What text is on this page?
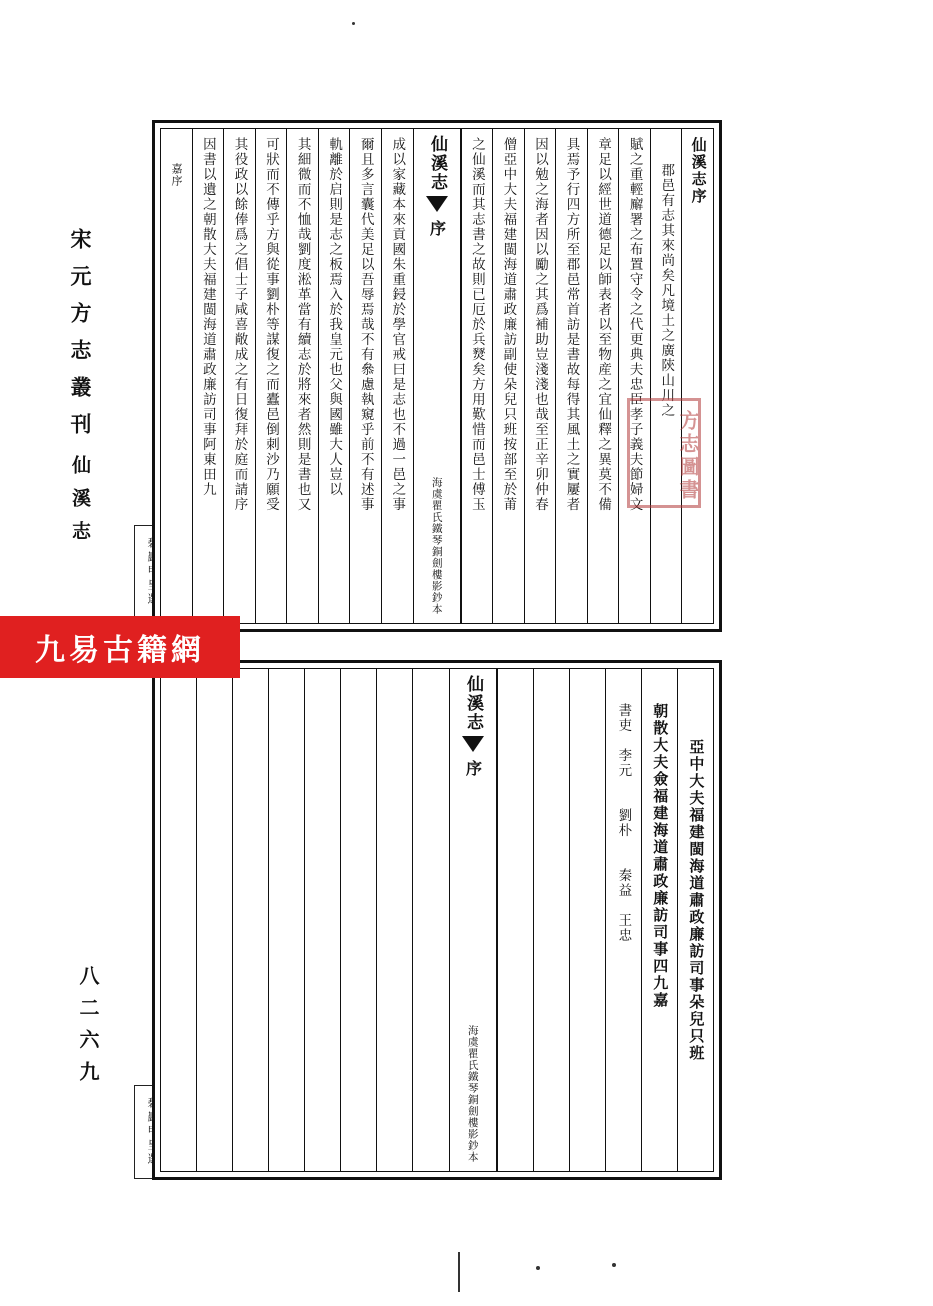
宋元方志叢刊
仙溪志
八二六九
仙溪志序
郡邑有志其來尚矣凡境土之廣陝山川之
賦之重輕廨署之布置守令之代更典夫忠臣孝子義夫節婦文
章足以經世道德足以師表者以至物産之宜仙釋之異莫不備
具焉予行四方所至郡邑常首訪是書故每得其風土之實屢者
因以勉之海者因以勵之其爲補助豈淺淺也哉至正辛卯仲春
僧亞中大夫福建閩海道肅政廉訪副使朵兒只班按部至於莆
之仙溪而其志書之故則已厄於兵燹矣方用歎惜而邑士傅玉
仙溪志
序
海虞瞿氏鐵琴銅劍樓影鈔本
成以家藏本來貢國朱重鋟於學官戒曰是志也不過一邑之事
爾且多言囊代美足以吾辱焉哉不有叅慮執窺乎前不有述事
軌離於启則是志之板焉入於我皇元也父與國雖大人豈以
其細微而不恤哉劉度淞革當有續志於將來者然則是書也又
可狀而不傳乎方與從事劉朴等謀復之而蠹邑倒刺沙乃願受
其役政以餘俸爲之倡士子咸喜敞成之有日復拜於庭而請序
因書以遺之朝散大夫福建閩海道肅政廉訪司事阿東田九
嘉序
方志圖書
亞中大夫福建閩海道肅政廉訪司事朵兒只班
朝散大夫僉福建海道肅政廉訪司事四九嘉
書吏　李元　　劉朴　　秦益　王忠
仙溪志
序
海虞瞿氏鐵琴銅劍樓影鈔本
九易古籍網
